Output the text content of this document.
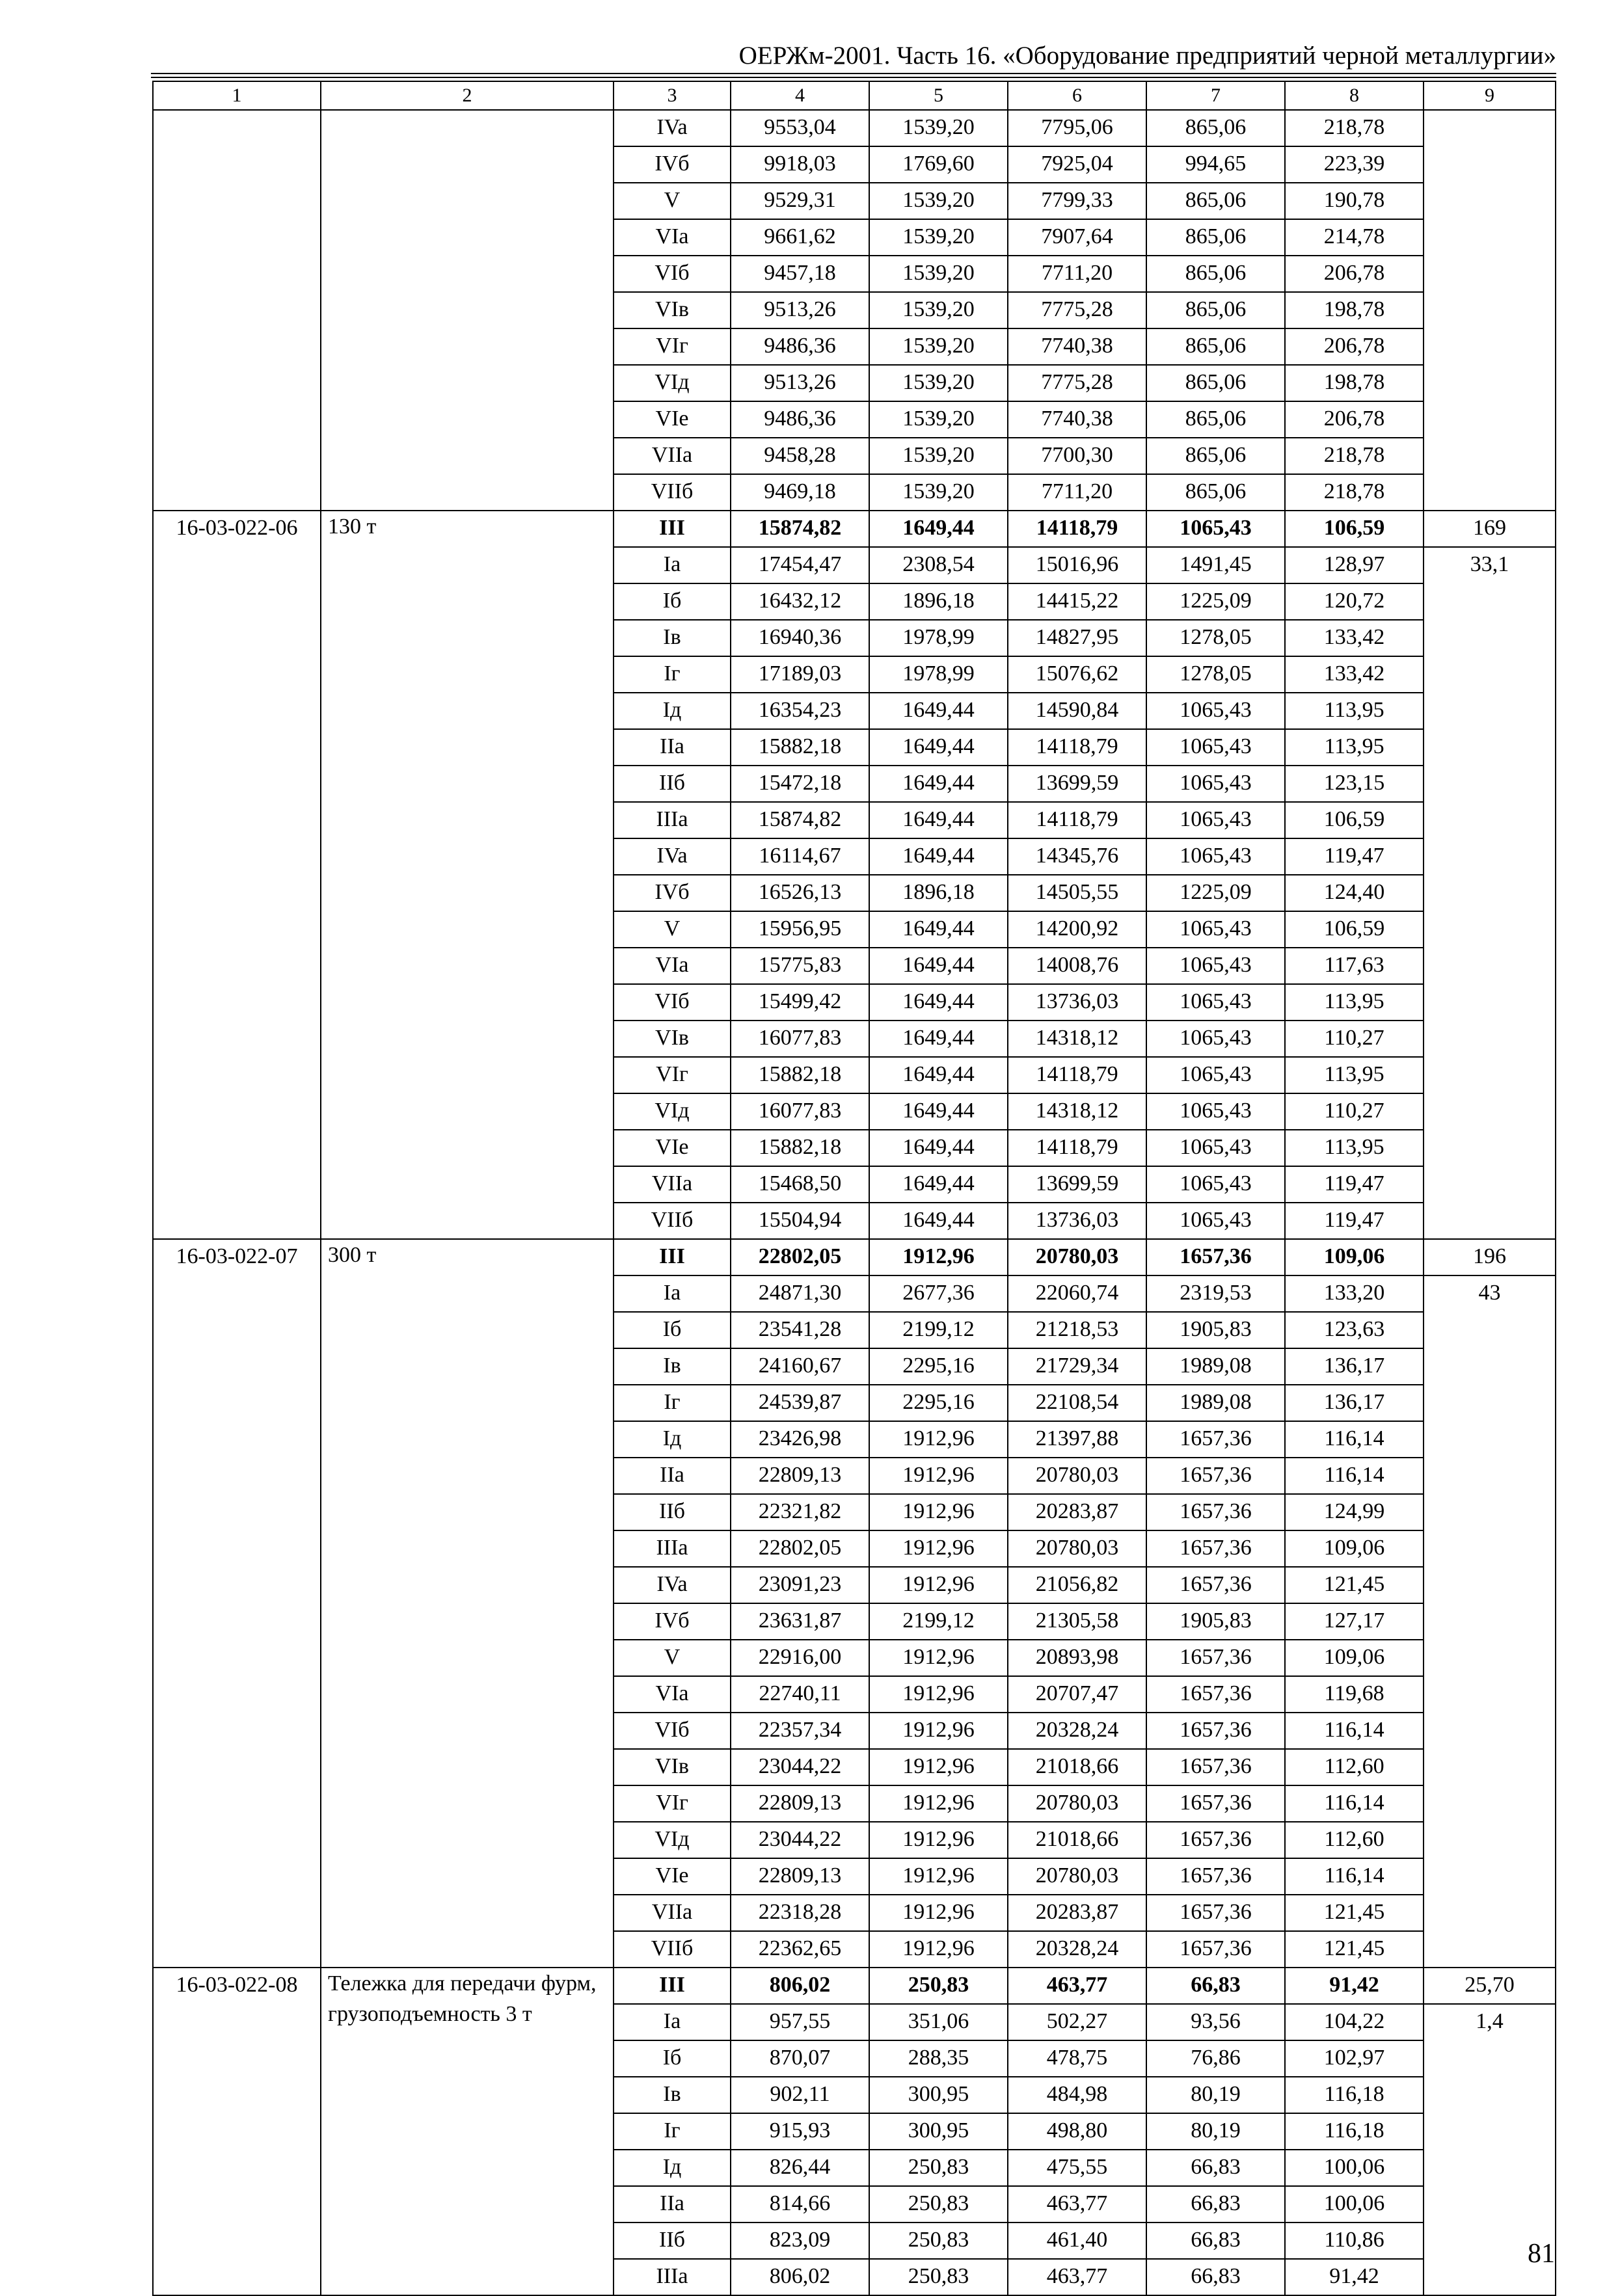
ОЕРЖм-2001. Часть 16. «Оборудование предприятий черной металлургии»
1	2	3	4	5	6	7	8	9
		IVa	9553,04	1539,20	7795,06	865,06	218,78	
		IVб	9918,03	1769,60	7925,04	994,65	223,39	
		V	9529,31	1539,20	7799,33	865,06	190,78	
		VIa	9661,62	1539,20	7907,64	865,06	214,78	
		VIб	9457,18	1539,20	7711,20	865,06	206,78	
		VIв	9513,26	1539,20	7775,28	865,06	198,78	
		VIг	9486,36	1539,20	7740,38	865,06	206,78	
		VIд	9513,26	1539,20	7775,28	865,06	198,78	
		VIe	9486,36	1539,20	7740,38	865,06	206,78	
		VIIa	9458,28	1539,20	7700,30	865,06	218,78	
		VIIб	9469,18	1539,20	7711,20	865,06	218,78	
16-03-022-06	130 т	III	15874,82	1649,44	14118,79	1065,43	106,59	169
		Ia	17454,47	2308,54	15016,96	1491,45	128,97	33,1
		Iб	16432,12	1896,18	14415,22	1225,09	120,72	
		Iв	16940,36	1978,99	14827,95	1278,05	133,42	
		Iг	17189,03	1978,99	15076,62	1278,05	133,42	
		Iд	16354,23	1649,44	14590,84	1065,43	113,95	
		IIa	15882,18	1649,44	14118,79	1065,43	113,95	
		IIб	15472,18	1649,44	13699,59	1065,43	123,15	
		IIIa	15874,82	1649,44	14118,79	1065,43	106,59	
		IVa	16114,67	1649,44	14345,76	1065,43	119,47	
		IVб	16526,13	1896,18	14505,55	1225,09	124,40	
		V	15956,95	1649,44	14200,92	1065,43	106,59	
		VIa	15775,83	1649,44	14008,76	1065,43	117,63	
		VIб	15499,42	1649,44	13736,03	1065,43	113,95	
		VIв	16077,83	1649,44	14318,12	1065,43	110,27	
		VIг	15882,18	1649,44	14118,79	1065,43	113,95	
		VIд	16077,83	1649,44	14318,12	1065,43	110,27	
		VIe	15882,18	1649,44	14118,79	1065,43	113,95	
		VIIa	15468,50	1649,44	13699,59	1065,43	119,47	
		VIIб	15504,94	1649,44	13736,03	1065,43	119,47	
16-03-022-07	300 т	III	22802,05	1912,96	20780,03	1657,36	109,06	196
		Ia	24871,30	2677,36	22060,74	2319,53	133,20	43
		Iб	23541,28	2199,12	21218,53	1905,83	123,63	
		Iв	24160,67	2295,16	21729,34	1989,08	136,17	
		Iг	24539,87	2295,16	22108,54	1989,08	136,17	
		Iд	23426,98	1912,96	21397,88	1657,36	116,14	
		IIa	22809,13	1912,96	20780,03	1657,36	116,14	
		IIб	22321,82	1912,96	20283,87	1657,36	124,99	
		IIIa	22802,05	1912,96	20780,03	1657,36	109,06	
		IVa	23091,23	1912,96	21056,82	1657,36	121,45	
		IVб	23631,87	2199,12	21305,58	1905,83	127,17	
		V	22916,00	1912,96	20893,98	1657,36	109,06	
		VIa	22740,11	1912,96	20707,47	1657,36	119,68	
		VIб	22357,34	1912,96	20328,24	1657,36	116,14	
		VIв	23044,22	1912,96	21018,66	1657,36	112,60	
		VIг	22809,13	1912,96	20780,03	1657,36	116,14	
		VIд	23044,22	1912,96	21018,66	1657,36	112,60	
		VIe	22809,13	1912,96	20780,03	1657,36	116,14	
		VIIa	22318,28	1912,96	20283,87	1657,36	121,45	
		VIIб	22362,65	1912,96	20328,24	1657,36	121,45	
16-03-022-08	Тележка для передачи фурм, грузоподъемность 3 т	III	806,02	250,83	463,77	66,83	91,42	25,70
		Ia	957,55	351,06	502,27	93,56	104,22	1,4
		Iб	870,07	288,35	478,75	76,86	102,97	
		Iв	902,11	300,95	484,98	80,19	116,18	
		Iг	915,93	300,95	498,80	80,19	116,18	
		Iд	826,44	250,83	475,55	66,83	100,06	
		IIa	814,66	250,83	463,77	66,83	100,06	
		IIб	823,09	250,83	461,40	66,83	110,86	
		IIIa	806,02	250,83	463,77	66,83	91,42	
81
